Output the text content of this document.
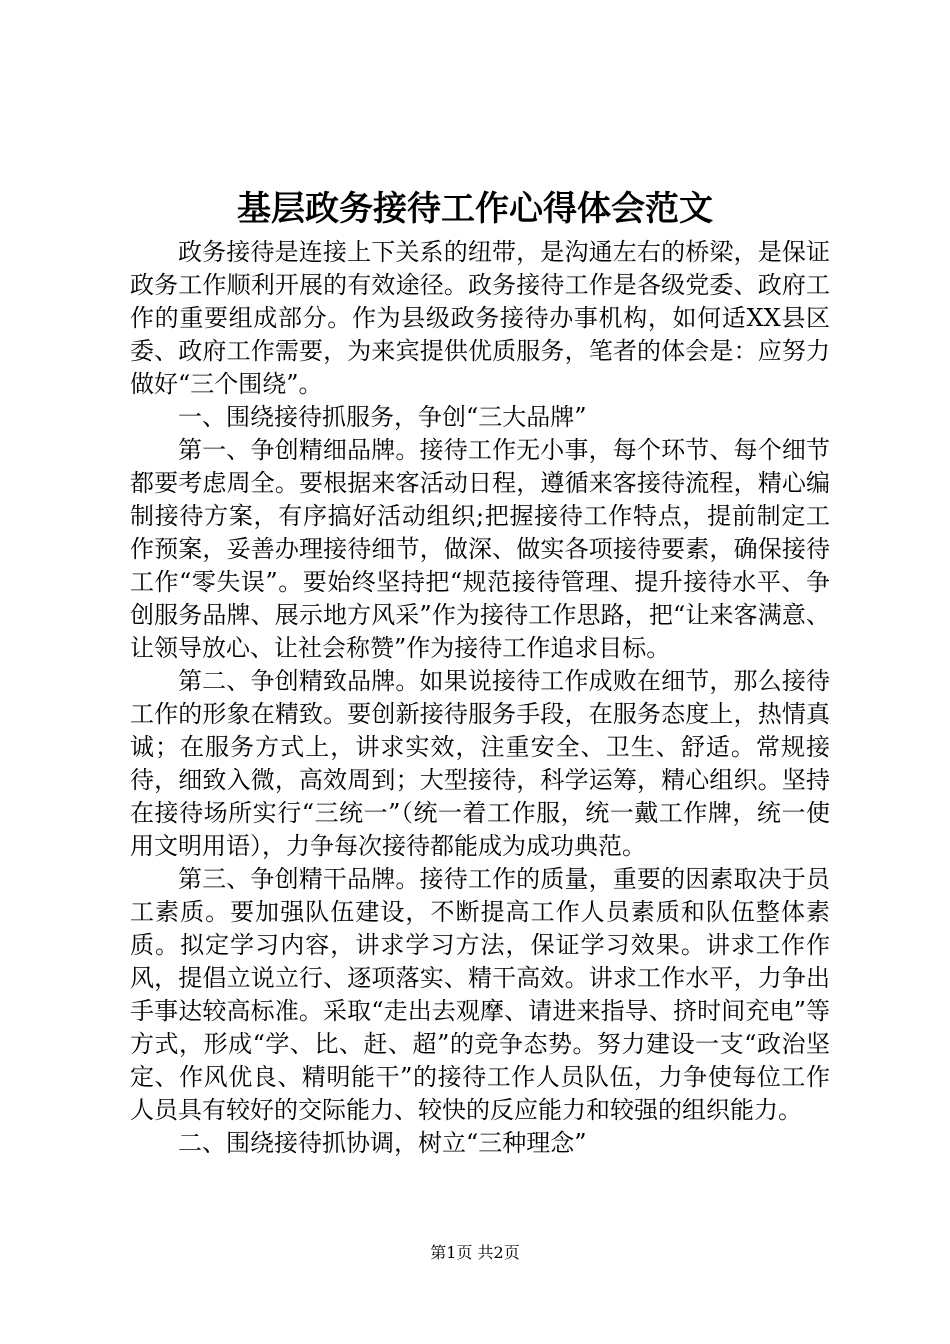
基层政务接待工作心得体会范文

政务接待是连接上下关系的纽带，是沟通左右的桥梁，是保证政务工作顺利开展的有效途径。政务接待工作是各级党委、政府工作的重要组成部分。作为县级政务接待办事机构，如何适XX县区委、政府工作需要，为来宾提供优质服务，笔者的体会是：应努力做好“三个围绕”。

一、围绕接待抓服务，争创“三大品牌”

第一、争创精细品牌。接待工作无小事，每个环节、每个细节都要考虑周全。要根据来客活动日程，遵循来客接待流程，精心编制接待方案，有序搞好活动组织;把握接待工作特点，提前制定工作预案，妥善办理接待细节，做深、做实各项接待要素，确保接待工作“零失误”。要始终坚持把“规范接待管理、提升接待水平、争创服务品牌、展示地方风采”作为接待工作思路，把“让来客满意、让领导放心、让社会称赞”作为接待工作追求目标。

第二、争创精致品牌。如果说接待工作成败在细节，那么接待工作的形象在精致。要创新接待服务手段，在服务态度上，热情真诚；在服务方式上，讲求实效，注重安全、卫生、舒适。常规接待，细致入微，高效周到；大型接待，科学运筹，精心组织。坚持在接待场所实行“三统一”（统一着工作服，统一戴工作牌，统一使用文明用语），力争每次接待都能成为成功典范。

第三、争创精干品牌。接待工作的质量，重要的因素取决于员工素质。要加强队伍建设，不断提高工作人员素质和队伍整体素质。拟定学习内容，讲求学习方法，保证学习效果。讲求工作作风，提倡立说立行、逐项落实、精干高效。讲求工作水平，力争出手事达较高标准。采取“走出去观摩、请进来指导、挤时间充电”等方式，形成“学、比、赶、超”的竞争态势。努力建设一支“政治坚定、作风优良、精明能干”的接待工作人员队伍，力争使每位工作人员具有较好的交际能力、较快的反应能力和较强的组织能力。

二、围绕接待抓协调，树立“三种理念”

第1页 共2页
